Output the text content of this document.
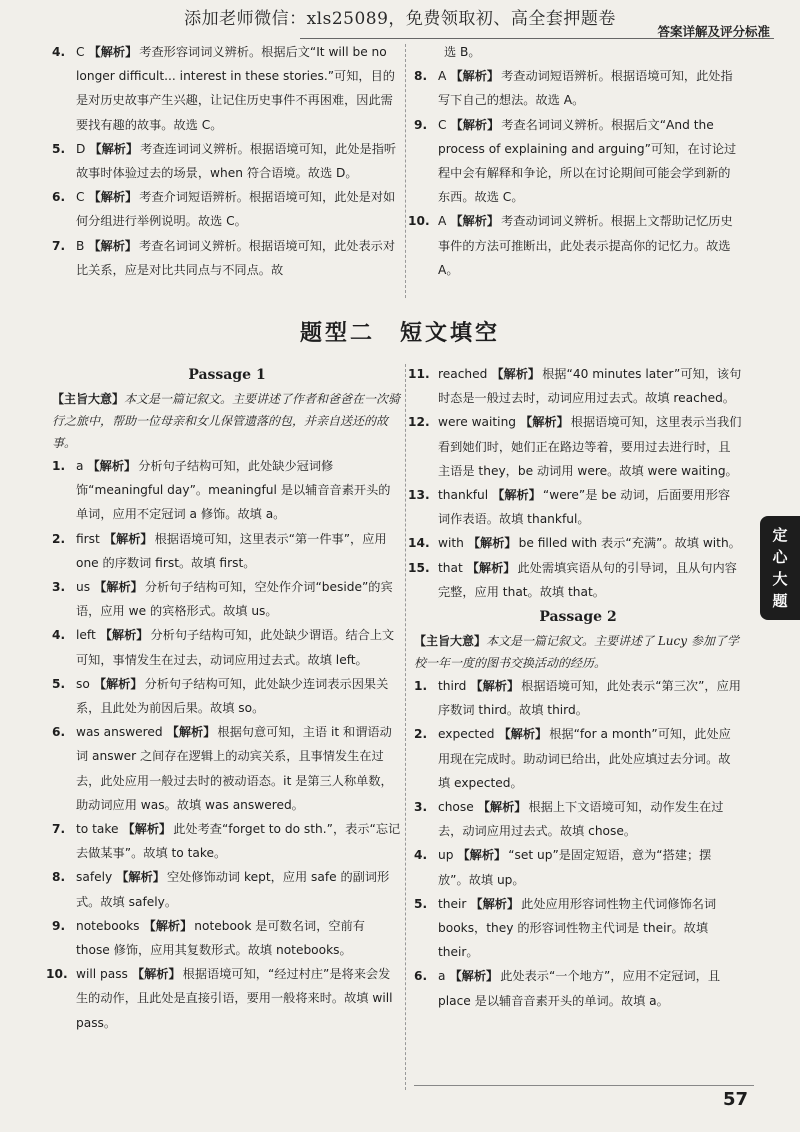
添加老师微信：xls25089，免费领取初、高全套押题卷
答案详解及评分标准
4. C 【解析】 考查形容词词义辨析。根据后文“It will be no longer difficult... interest in these stories.”可知，目的是对历史故事产生兴趣，让记住历史事件不再困难，因此需要找有趣的故事。故选 C。
5. D 【解析】 考查连词词义辨析。根据语境可知，此处是指听故事时体验过去的场景，when 符合语境。故选 D。
6. C 【解析】 考查介词短语辨析。根据语境可知，此处是对如何分组进行举例说明。故选 C。
7. B 【解析】 考查名词词义辨析。根据语境可知，此处表示对比关系，应是对比共同点与不同点。故
选 B。
8. A 【解析】 考查动词短语辨析。根据语境可知，此处指写下自己的想法。故选 A。
9. C 【解析】 考查名词词义辨析。根据后文“And the process of explaining and arguing”可知，在讨论过程中会有解释和争论，所以在讨论期间可能会学到新的东西。故选 C。
10. A 【解析】 考查动词词义辨析。根据上文帮助记忆历史事件的方法可推断出，此处表示提高你的记忆力。故选 A。
题型二　短文填空
Passage 1
【主旨大意】本文是一篇记叙文。主要讲述了作者和爸爸在一次骑行之旅中，帮助一位母亲和女儿保管遗落的包，并亲自送还的故事。
1. a 【解析】 分析句子结构可知，此处缺少冠词修饰“meaningful day”。meaningful 是以辅音音素开头的单词，应用不定冠词 a 修饰。故填 a。
2. first 【解析】 根据语境可知，这里表示“第一件事”，应用 one 的序数词 first。故填 first。
3. us 【解析】 分析句子结构可知，空处作介词“beside”的宾语，应用 we 的宾格形式。故填 us。
4. left 【解析】 分析句子结构可知，此处缺少谓语。结合上文可知，事情发生在过去，动词应用过去式。故填 left。
5. so 【解析】 分析句子结构可知，此处缺少连词表示因果关系，且此处为前因后果。故填 so。
6. was answered 【解析】 根据句意可知，主语 it 和谓语动词 answer 之间存在逻辑上的动宾关系，且事情发生在过去，此处应用一般过去时的被动语态。it 是第三人称单数，助动词应用 was。故填 was answered。
7. to take 【解析】 此处考查“forget to do sth.”，表示“忘记去做某事”。故填 to take。
8. safely 【解析】 空处修饰动词 kept，应用 safe 的副词形式。故填 safely。
9. notebooks 【解析】 notebook 是可数名词，空前有 those 修饰，应用其复数形式。故填 notebooks。
10. will pass 【解析】 根据语境可知，“经过村庄”是将来会发生的动作，且此处是直接引语，要用一般将来时。故填 will pass。
11. reached 【解析】 根据“40 minutes later”可知，该句时态是一般过去时，动词应用过去式。故填 reached。
12. were waiting 【解析】 根据语境可知，这里表示当我们看到她们时，她们正在路边等着，要用过去进行时，且主语是 they，be 动词用 were。故填 were waiting。
13. thankful 【解析】 “were”是 be 动词，后面要用形容词作表语。故填 thankful。
14. with 【解析】 be filled with 表示“充满”。故填 with。
15. that 【解析】 此处需填宾语从句的引导词，且从句内容完整，应用 that。故填 that。
Passage 2
【主旨大意】本文是一篇记叙文。主要讲述了 Lucy 参加了学校一年一度的图书交换活动的经历。
1. third 【解析】 根据语境可知，此处表示“第三次”，应用序数词 third。故填 third。
2. expected 【解析】 根据“for a month”可知，此处应用现在完成时。助动词已给出，此处应填过去分词。故填 expected。
3. chose 【解析】 根据上下文语境可知，动作发生在过去，动词应用过去式。故填 chose。
4. up 【解析】 “set up”是固定短语，意为“搭建；摆放”。故填 up。
5. their 【解析】 此处应用形容词性物主代词修饰名词 books，they 的形容词性物主代词是 their。故填 their。
6. a 【解析】 此处表示“一个地方”，应用不定冠词，且 place 是以辅音音素开头的单词。故填 a。
定
心
大
题
57
